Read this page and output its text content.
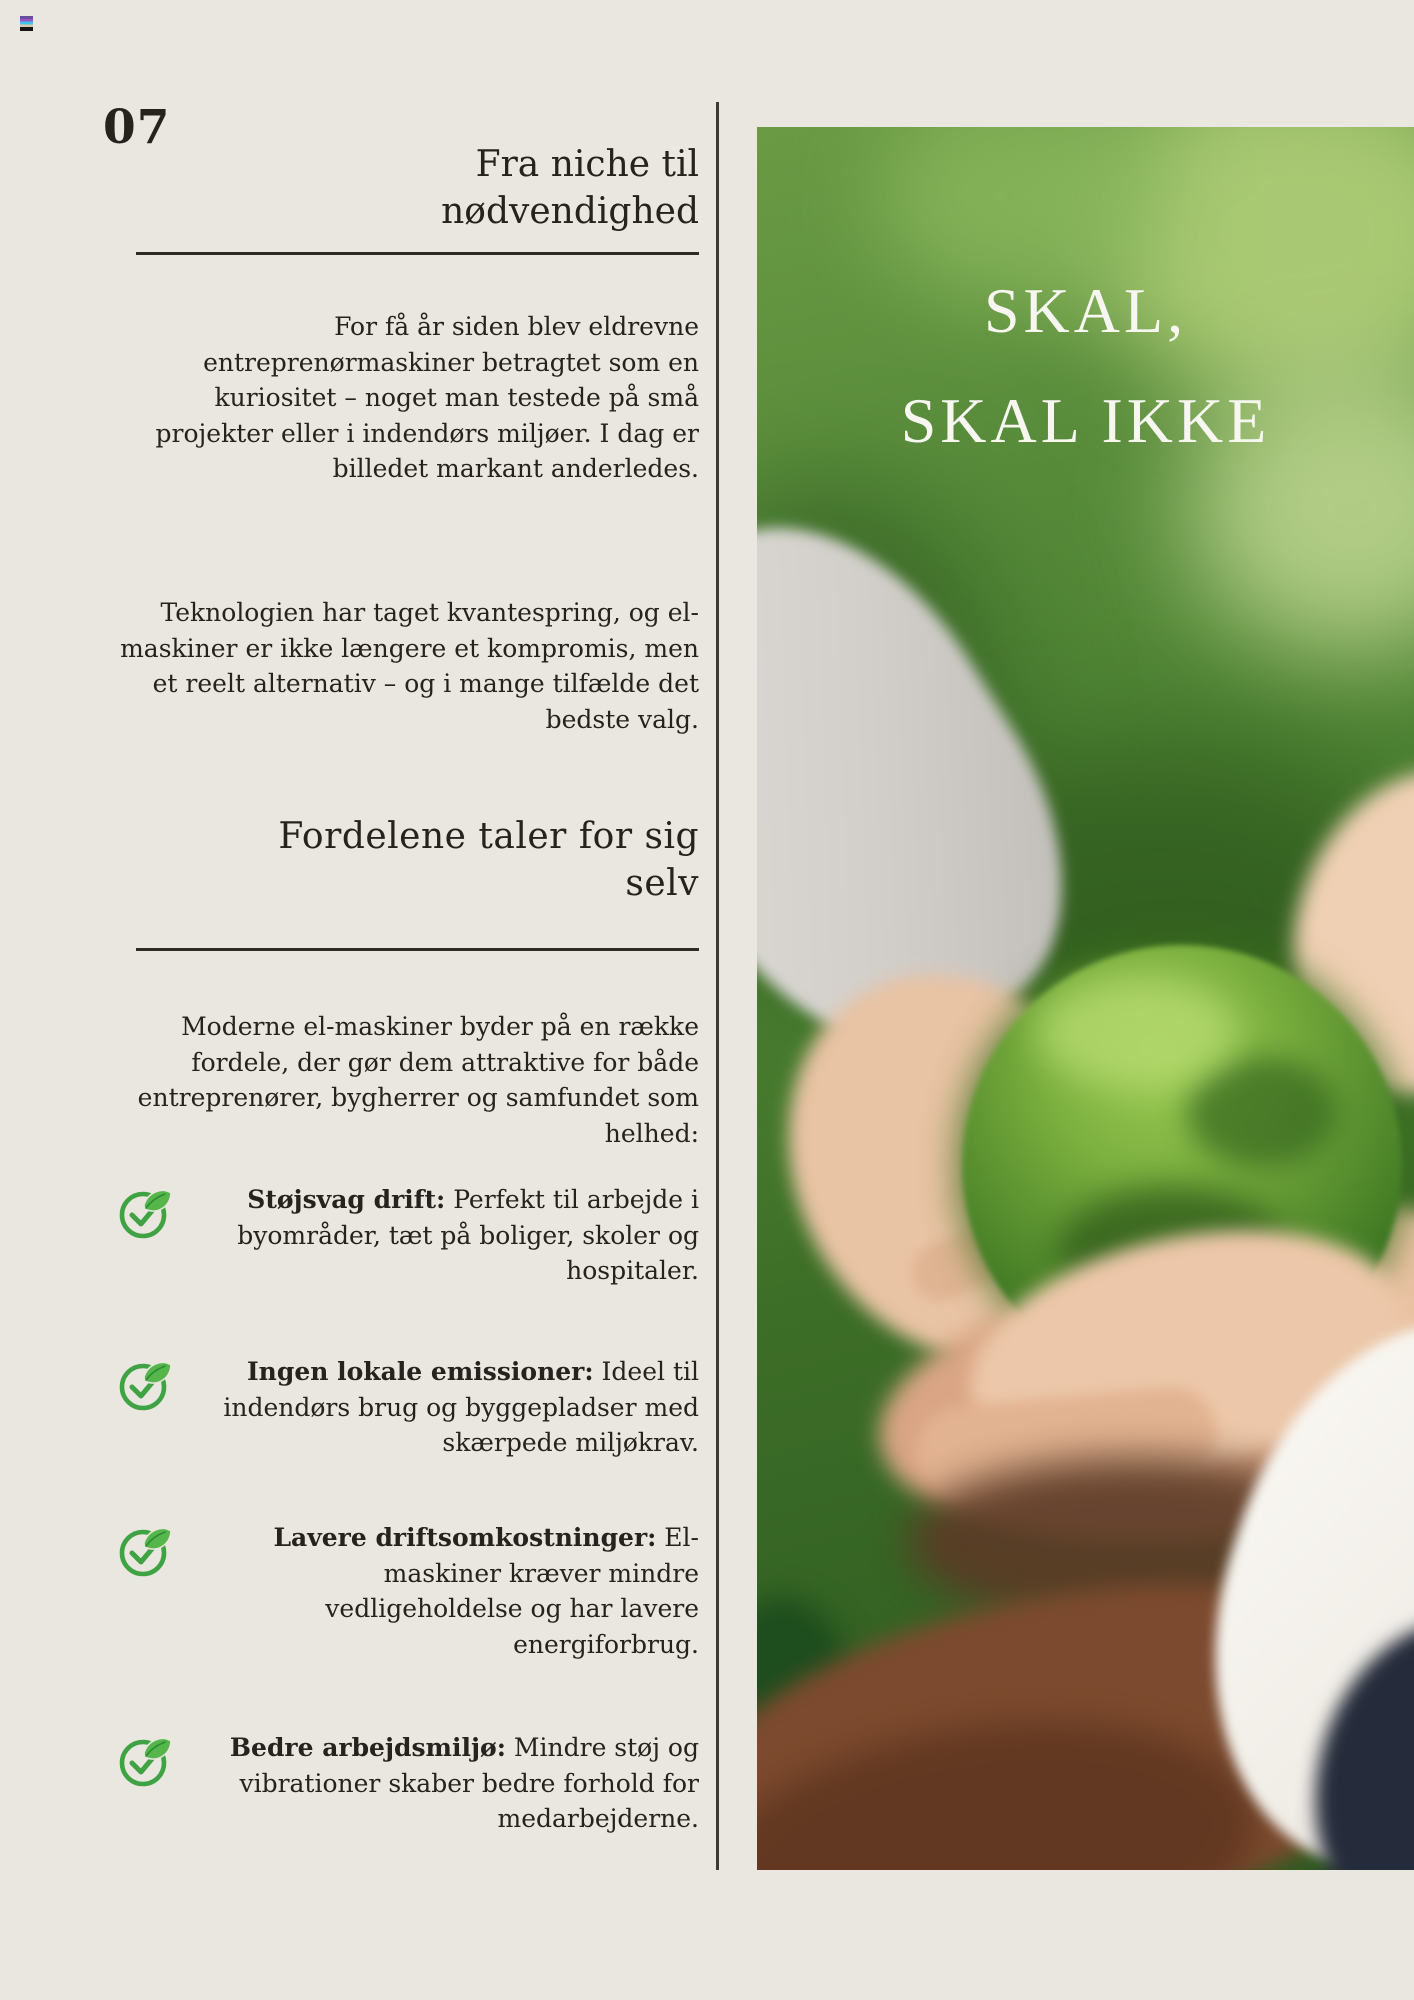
07
Fra niche til nødvendighed

For få år siden blev eldrevne entreprenørmaskiner betragtet som en kuriositet – noget man testede på små projekter eller i indendørs miljøer. I dag er billedet markant anderledes.

Teknologien har taget kvantespring, og el-maskiner er ikke længere et kompromis, men et reelt alternativ – og i mange tilfælde det bedste valg.

Fordelene taler for sig selv

Moderne el-maskiner byder på en række fordele, der gør dem attraktive for både entreprenører, bygherrer og samfundet som helhed:

Støjsvag drift: Perfekt til arbejde i byområder, tæt på boliger, skoler og hospitaler.

Ingen lokale emissioner: Ideel til indendørs brug og byggepladser med skærpede miljøkrav.

Lavere driftsomkostninger: El-maskiner kræver mindre vedligeholdelse og har lavere energiforbrug.

Bedre arbejdsmiljø: Mindre støj og vibrationer skaber bedre forhold for medarbejderne.

SKAL,
SKAL IKKE
